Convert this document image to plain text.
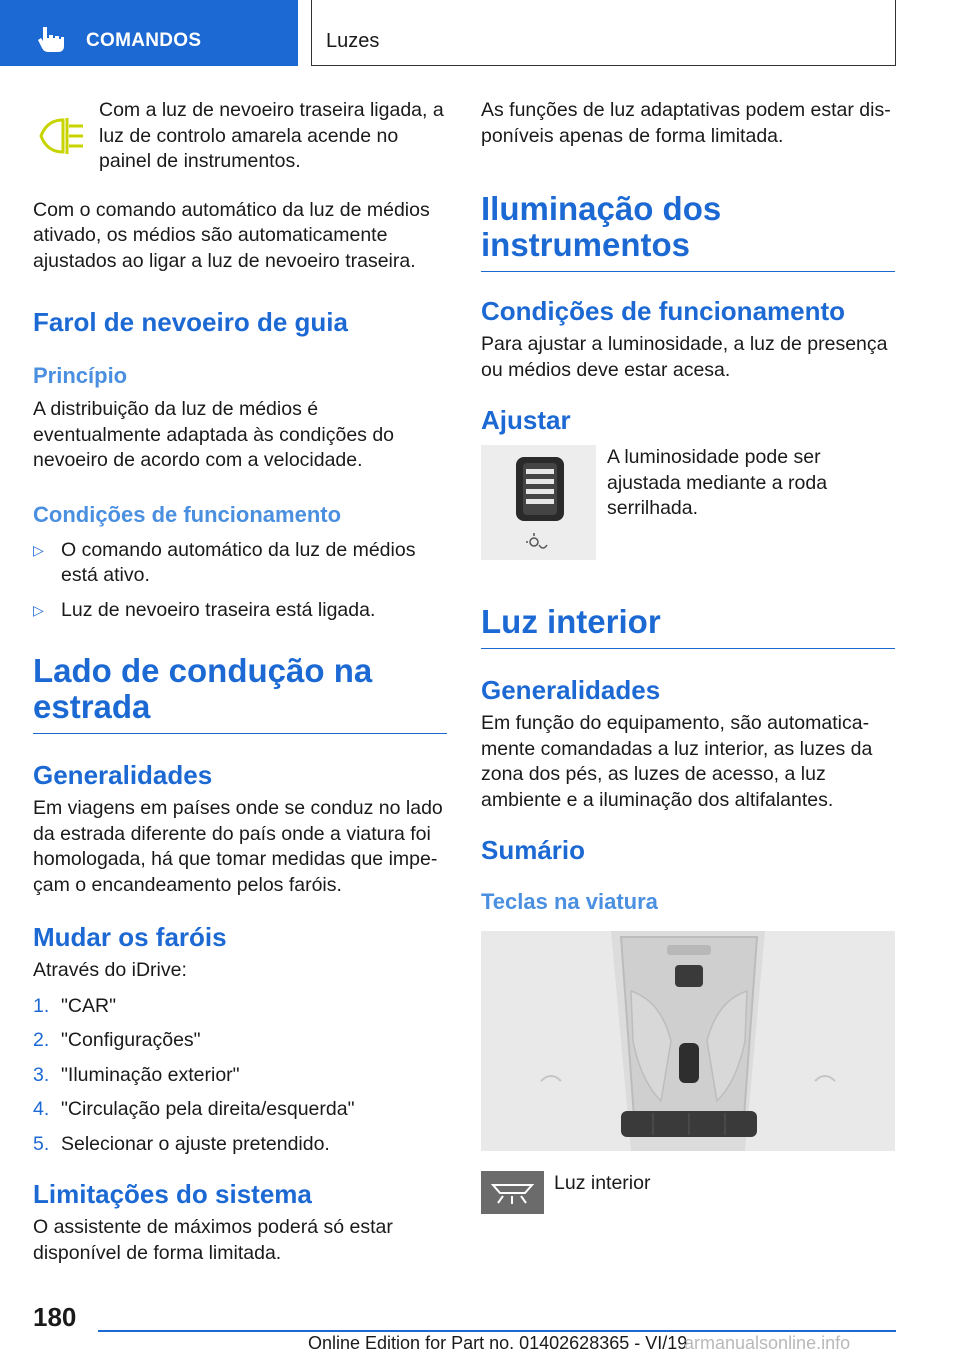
COMANDOS	Luzes

Com a luz de nevoeiro traseira ligada, a luz de controlo amarela acende no painel de instrumentos.

Com o comando automático da luz de médios ativado, os médios são automaticamente ajustados ao ligar a luz de nevoeiro traseira.

Farol de nevoeiro de guia
Princípio

A distribuição da luz de médios é eventualmente adaptada às condições do nevoeiro de acordo com a velocidade.

Condições de funcionamento
▷ O comando automático da luz de médios está ativo.
▷ Luz de nevoeiro traseira está ligada.
Lado de condução na estrada
Generalidades

Em viagens em países onde se conduz no lado da estrada diferente do país onde a viatura foi homologada, há que tomar medidas que impeçam o encandeamento pelos faróis.

Mudar os faróis

Através do iDrive:

1. "CAR"
2. "Configurações"
3. "Iluminação exterior"
4. "Circulação pela direita/esquerda"
5. Selecionar o ajuste pretendido.
Limitações do sistema

O assistente de máximos poderá só estar disponível de forma limitada.

As funções de luz adaptativas podem estar disponíveis apenas de forma limitada.

Iluminação dos instrumentos
Condições de funcionamento

Para ajustar a luminosidade, a luz de presença ou médios deve estar acesa.

Ajustar

A luminosidade pode ser ajustada mediante a roda serrilhada.

Luz interior
Generalidades

Em função do equipamento, são automaticamente comandadas a luz interior, as luzes da zona dos pés, as luzes de acesso, a luz ambiente e a iluminação dos altifalantes.

Sumário
Teclas na viatura

Luz interior

180
Online Edition for Part no. 01402628365 - VI/19
armanualsonline.info
